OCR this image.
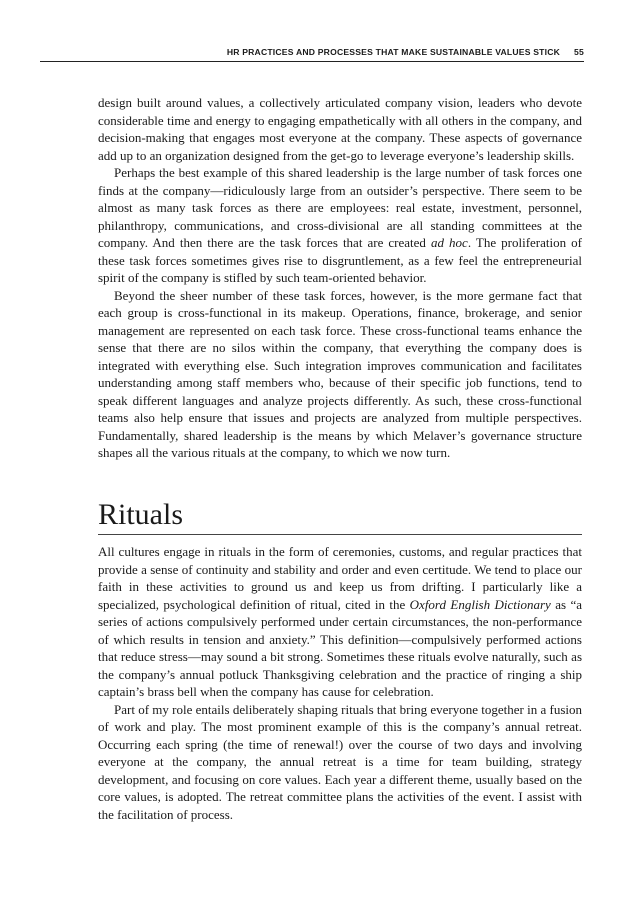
HR PRACTICES AND PROCESSES THAT MAKE SUSTAINABLE VALUES STICK 55

design built around values, a collectively articulated company vision, leaders who devote considerable time and energy to engaging empathetically with all others in the company, and decision-making that engages most everyone at the company. These aspects of governance add up to an organization designed from the get-go to leverage everyone’s leadership skills.

Perhaps the best example of this shared leadership is the large number of task forces one finds at the company—ridiculously large from an outsider’s perspective. There seem to be almost as many task forces as there are employees: real estate, investment, personnel, philanthropy, communications, and cross-divisional are all standing committees at the company. And then there are the task forces that are created ad hoc. The proliferation of these task forces sometimes gives rise to disgruntlement, as a few feel the entrepreneurial spirit of the company is stifled by such team-oriented behavior.

Beyond the sheer number of these task forces, however, is the more germane fact that each group is cross-functional in its makeup. Operations, finance, brokerage, and senior management are represented on each task force. These cross-functional teams enhance the sense that there are no silos within the company, that everything the company does is integrated with everything else. Such integration improves communication and facilitates understanding among staff members who, because of their specific job functions, tend to speak different languages and analyze projects differently. As such, these cross-functional teams also help ensure that issues and projects are analyzed from multiple perspectives. Fundamentally, shared leadership is the means by which Melaver’s governance structure shapes all the various rituals at the company, to which we now turn.

Rituals

All cultures engage in rituals in the form of ceremonies, customs, and regular practices that provide a sense of continuity and stability and order and even certitude. We tend to place our faith in these activities to ground us and keep us from drifting. I particularly like a specialized, psychological definition of ritual, cited in the Oxford English Dictionary as “a series of actions compulsively performed under certain circumstances, the non-performance of which results in tension and anxiety.” This definition—compulsively performed actions that reduce stress—may sound a bit strong. Sometimes these rituals evolve naturally, such as the company’s annual potluck Thanksgiving celebration and the practice of ringing a ship captain’s brass bell when the company has cause for celebration.

Part of my role entails deliberately shaping rituals that bring everyone together in a fusion of work and play. The most prominent example of this is the company’s annual retreat. Occurring each spring (the time of renewal!) over the course of two days and involving everyone at the company, the annual retreat is a time for team building, strategy development, and focusing on core values. Each year a different theme, usually based on the core values, is adopted. The retreat committee plans the activities of the event. I assist with the facilitation of process.
